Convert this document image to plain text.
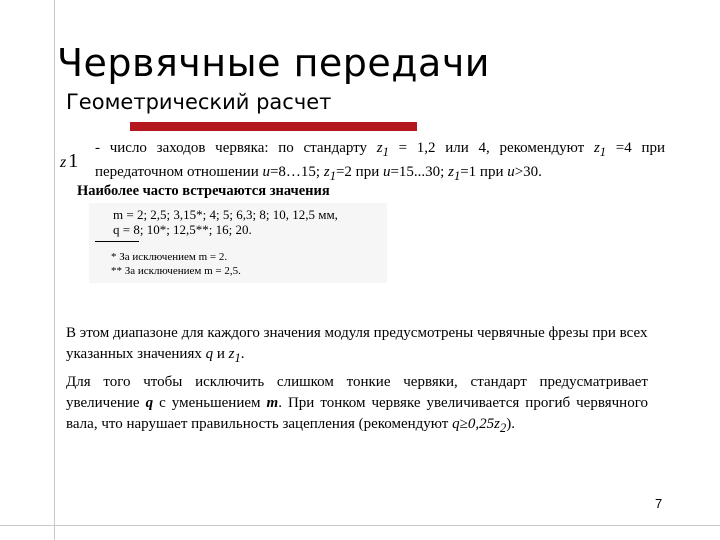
Червячные передачи
Геометрический расчет
z 1
- число заходов червяка: по стандарту $z_1 = 1,2$ или 4, рекомендуют $z_1 =4$ при передаточном отношении u=8…15; $z_1=2$ при u=15...30; $z_1=1$ при u>30.
Наиболее часто встречаются значения
m = 2; 2,5; 3,15*; 4; 5; 6,3; 8; 10, 12,5 мм,
q = 8; 10*; 12,5**; 16; 20.
* За исключением m = 2.
** За исключением m = 2,5.
В этом диапазоне для каждого значения модуля предусмотрены червячные фрезы при всех указанных значениях q и $z_1$.
Для того чтобы исключить слишком тонкие червяки, стандарт предусматривает увеличение q с уменьшением m. При тонком червяке увеличивается прогиб червячного вала, что нарушает правильность зацепления (рекомендуют $q\ge 0,25z_2$).
7
